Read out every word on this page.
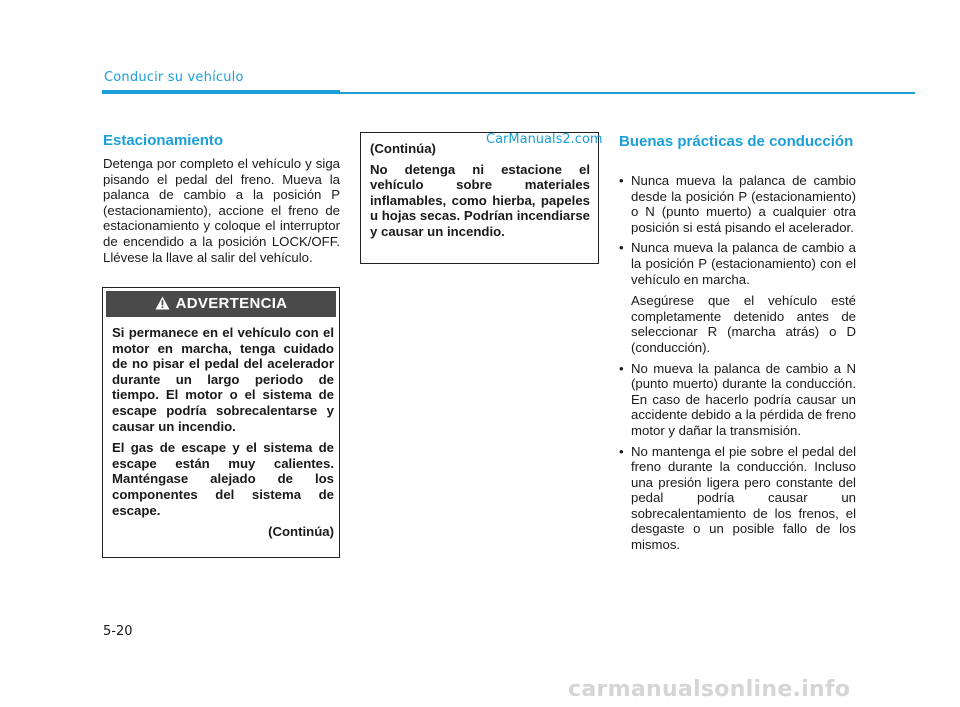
Conducir su vehículo
Estacionamiento
Detenga por completo el vehículo y siga pisando el pedal del freno. Mueva la palanca de cambio a la posición P (estacionamiento), accione el freno de estacionamiento y coloque el interruptor de encendido a la posición LOCK/OFF. Llévese la llave al salir del vehículo.
ADVERTENCIA

Si permanece en el vehículo con el motor en marcha, tenga cuidado de no pisar el pedal del acelerador durante un largo periodo de tiempo. El motor o el sistema de escape podría sobrecalentarse y causar un incendio.

El gas de escape y el sistema de escape están muy calientes. Manténgase alejado de los componentes del sistema de escape.

(Continúa)

(Continúa)

No detenga ni estacione el vehículo sobre materiales inflamables, como hierba, papeles u hojas secas. Podrían incendiarse y causar un incendio.

CarManuals2.com Buenas prácticas de conducción
• Nunca mueva la palanca de cambio desde la posición P (estacionamiento) o N (punto muerto) a cualquier otra posición si está pisando el acelerador.

• Nunca mueva la palanca de cambio a la posición P (estacionamiento) con el vehículo en marcha.

Asegúrese que el vehículo esté completamente detenido antes de seleccionar R (marcha atrás) o D (conducción).

• No mueva la palanca de cambio a N (punto muerto) durante la conducción. En caso de hacerlo podría causar un accidente debido a la pérdida de freno motor y dañar la transmisión.

• No mantenga el pie sobre el pedal del freno durante la conducción. Incluso una presión ligera pero constante del pedal podría causar un sobrecalentamiento de los frenos, el desgaste o un posible fallo de los mismos.

5-20
carmanualsonline.info
